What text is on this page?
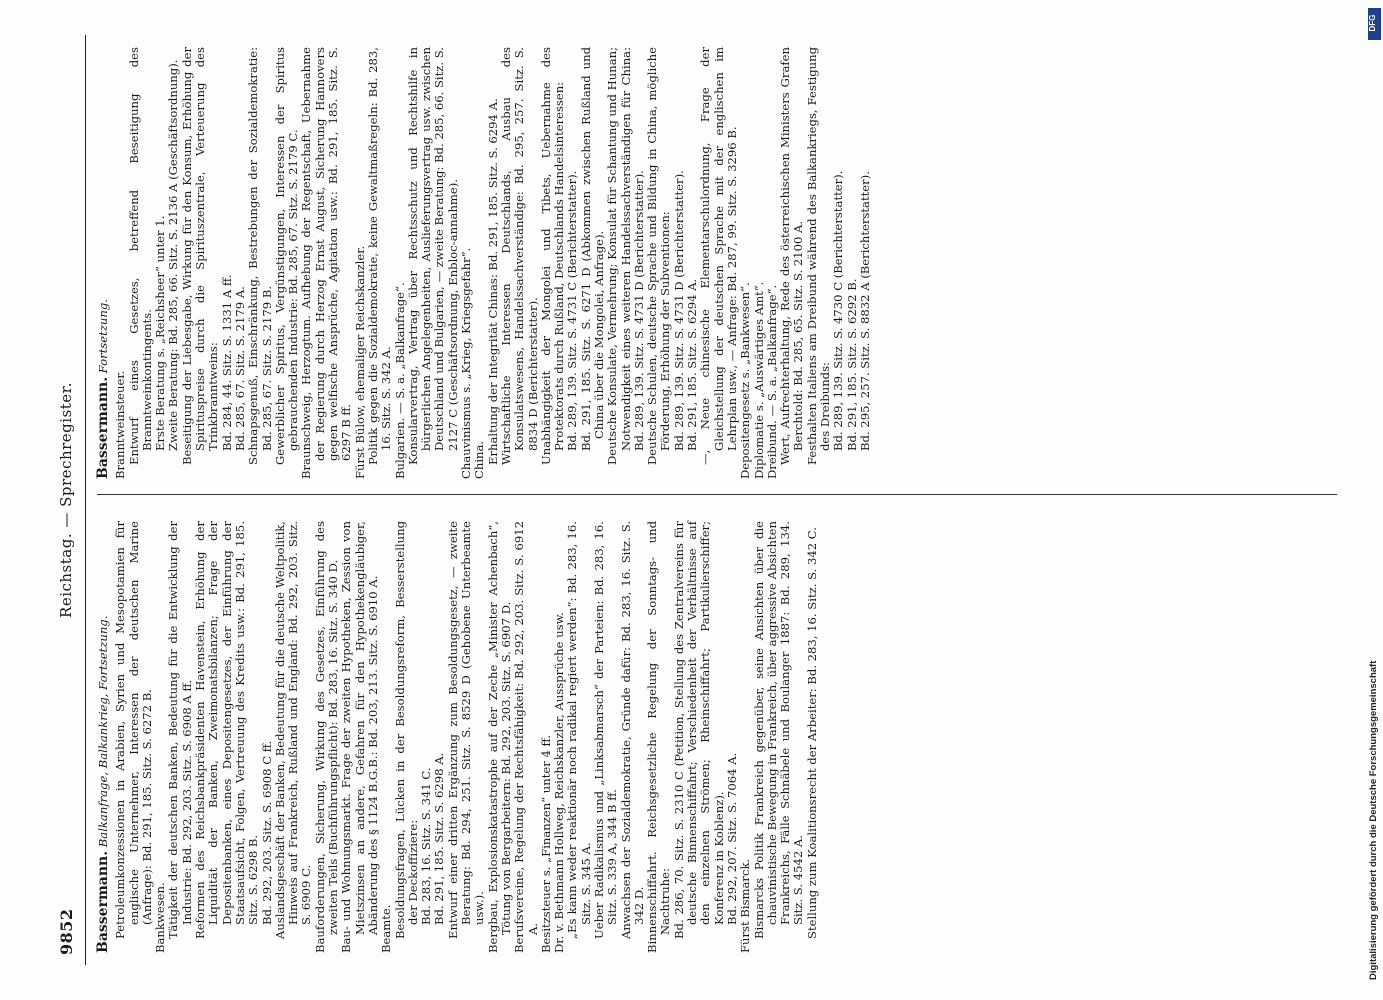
9852
Reichstag. — Sprechregister.

Bassermann. Balkanfrage, Balkankrieg, Fortsetzung. Petroleumkonzessionen in Arabien, Syrien und Mesopotamien für englische Unternehmer, Interessen der deutschen Marine (Anfrage): Bd. 291, 185. Sitz. S. 6272 B. Bankwesen. Tätigkeit der deutschen Banken, Bedeutung für die Entwicklung der Industrie: Bd. 292, 203. Sitz. S. 6908 A ff. Reformen des Reichsbankpräsidenten Havenstein, Erhöhung der Liquidität der Banken, Zweimonatsbilanzen; Frage der Depositenbanken, eines Depositengesetzes, der Einführung der Staatsaufsicht, Folgen, Vertreuung des Kredits usw.: Bd. 291, 185. Sitz. S. 6298 B. Bd. 292, 203. Sitz. S. 6908 C ff. Auslandsgeschäft der Banken, Bedeutung für die deutsche Weltpolitik, Hinweis auf Frankreich, Rußland und England: Bd. 292, 203. Sitz. S. 6909 C. Bauforderungen, Sicherung, Wirkung des Gesetzes, Einführung des zweiten Teils (Buchführungspflicht): Bd. 283, 16. Sitz. S. 340 D. Bau- und Wohnungsmarkt. Frage der zweiten Hypotheken, Zession von Mietszinsen an andere, Gefahren für den Hypothekengläubiger, Abänderung des § 1124 B.G.B.: Bd. 203, 213. Sitz. S. 6910 A. Beamte. Besoldungsfragen, Lücken in der Besoldungsreform, Besserstellung der Deckoffiziere: Bd. 283, 16. Sitz. S. 341 C. Bd. 291, 185. Sitz. S. 6298 A. Entwurf einer dritten Ergänzung zum Besoldungsgesetz, — zweite Beratung: Bd. 294, 251. Sitz. S. 8529 D (Gehobene Unterbeamte usw.). Bergbau, Explosionskatastrophe auf der Zeche „Minister Achenbach“, Tötung von Bergarbeitern: Bd. 292, 203. Sitz. S. 6907 D. Berufsvereine, Regelung der Rechtsfähigkeit: Bd. 292, 203. Sitz. S. 6912 A. Besitzsteuer s. „Finanzen“ unter 4 ff. Dr. v. Bethmann Hollweg, Reichskanzler, Aussprüche usw. „Es kann weder reaktionär noch radikal regiert werden“: Bd. 283, 16. Sitz. S. 345 A. Ueber Radikalismus und „Linksabmarsch“ der Parteien: Bd. 283, 16. Sitz. S. 339 A, 344 B ff. Anwachsen der Sozialdemokratie, Gründe dafür: Bd. 283, 16. Sitz. S. 342 D. Binnenschiffahrt. Reichsgesetzliche Regelung der Sonntags- und Nachtruhe: Bd. 286, 70. Sitz. S. 2310 C (Petition, Stellung des Zentralvereins für deutsche Binnenschiffahrt; Verschiedenheit der Verhältnisse auf den einzelnen Strömen; Rheinschiffahrt; Partikulierschiffer; Konferenz in Koblenz). Bd. 292, 207. Sitz. S. 7064 A. Fürst Bismarck. Bismarcks Politik Frankreich gegenüber, seine Ansichten über die chauvinistische Bewegung in Frankreich, über aggressive Absichten Frankreichs, Fälle Schnäbele und Boulanger 1887: Bd. 289, 134. Sitz. S. 4542 A. Stellung zum Koalitionsrecht der Arbeiter: Bd. 283, 16. Sitz. S. 342 C.

Bassermann. Fortsetzung.

Branntweinsteuer. Entwurf eines Gesetzes, betreffend Beseitigung des Branntweinkontingents. Erste Beratung s. „Reichsheer“ unter 1. Zweite Beratung: Bd. 285, 66. Sitz. S. 2136 A (Geschäftsordnung). Beseitigung der Liebesgabe, Wirkung für den Konsum, Erhöhung der Spirituspreise durch die Spirituszentrale, Verteuerung des Trinkbranntweins: Bd. 284, 44. Sitz. S. 1331 A ff. Bd. 285, 67. Sitz. S. 2179 A. Schnapsgenuß, Einschränkung, Bestrebungen der Sozialdemokratie: Bd. 285, 67. Sitz. S. 2179 B. Gewerblicher Spiritus, Vergünstigungen, Interessen der Spiritus gebrauchenden Industrie: Bd. 285, 67. Sitz. S. 2179 C. Braunschweig, Herzogtum. Aufhebung der Regentschaft, Uebernahme der Regierung durch Herzog Ernst August, Sicherung Hannovers gegen welfische Ansprüche, Agitation usw.: Bd. 291, 185. Sitz. S. 6297 B ff. Fürst Bülow, ehemaliger Reichskanzler. Politik gegen die Sozialdemokratie, keine Gewaltmaßregeln: Bd. 283, 16. Sitz. S. 342 A. Bulgarien. — S. a. „Balkanfrage“. Konsularvertrag, Vertrag über Rechtsschutz und Rechtshilfe in bürgerlichen Angelegenheiten, Auslieferungsvertrag usw. zwischen Deutschland und Bulgarien, — zweite Beratung: Bd. 285, 66. Sitz. S. 2127 C (Geschäftsordnung, Enbloc-annahme). Chauvinismus s. „Krieg, Kriegsgefahr“. China. Erhaltung der Integrität Chinas: Bd. 291, 185. Sitz. S. 6294 A. Wirtschaftliche Interessen Deutschlands, Ausbau des Konsulatswesens, Handelssachverständige: Bd. 295, 257. Sitz. S. 8834 D (Berichterstatter). Unabhängigkeit der Mongolei und Tibets, Uebernahme des Protektorats durch Rußland, Deutschlands Handelsinteressen: Bd. 289, 139. Sitz. S. 4731 C (Berichterstatter). Bd. 291, 185. Sitz. S. 6271 D (Abkommen zwischen Rußland und China über die Mongolei, Anfrage). Deutsche Konsulate, Vermehrung; Konsulat für Schantung und Hunan; Notwendigkeit eines weiteren Handelssachverständigen für China: Bd. 289, 139. Sitz. S. 4731 D (Berichterstatter). Deutsche Schulen, deutsche Sprache und Bildung in China, mögliche Förderung, Erhöhung der Subventionen: Bd. 289, 139. Sitz. S. 4731 D (Berichterstatter). Bd. 291, 185. Sitz. S. 6294 A. —, Neue chinesische Elementarschulordnung, Frage der Gleichstellung der deutschen Sprache mit der englischen im Lehrplan usw., — Anfrage: Bd. 287, 99. Sitz. S. 3296 B. Depositengesetz s. „Bankwesen“. Diplomatie s. „Auswärtiges Amt“. Dreibund. — S. a. „Balkanfrage“. Wert, Aufrechterhaltung, Rede des österreichischen Ministers Grafen Berchtold: Bd. 285, 65. Sitz. S. 2100 A. Festhalten Italiens am Dreibund während des Balkankriegs, Festigung des Dreibunds: Bd. 289, 139. Sitz. S. 4730 C (Berichterstatter). Bd. 291, 185. Sitz. S. 6292 B. Bd. 295, 257. Sitz. S. 8832 A (Berichterstatter).

DFG
Digitalisierung gefördert durch die Deutsche Forschungsgemeinschaft
